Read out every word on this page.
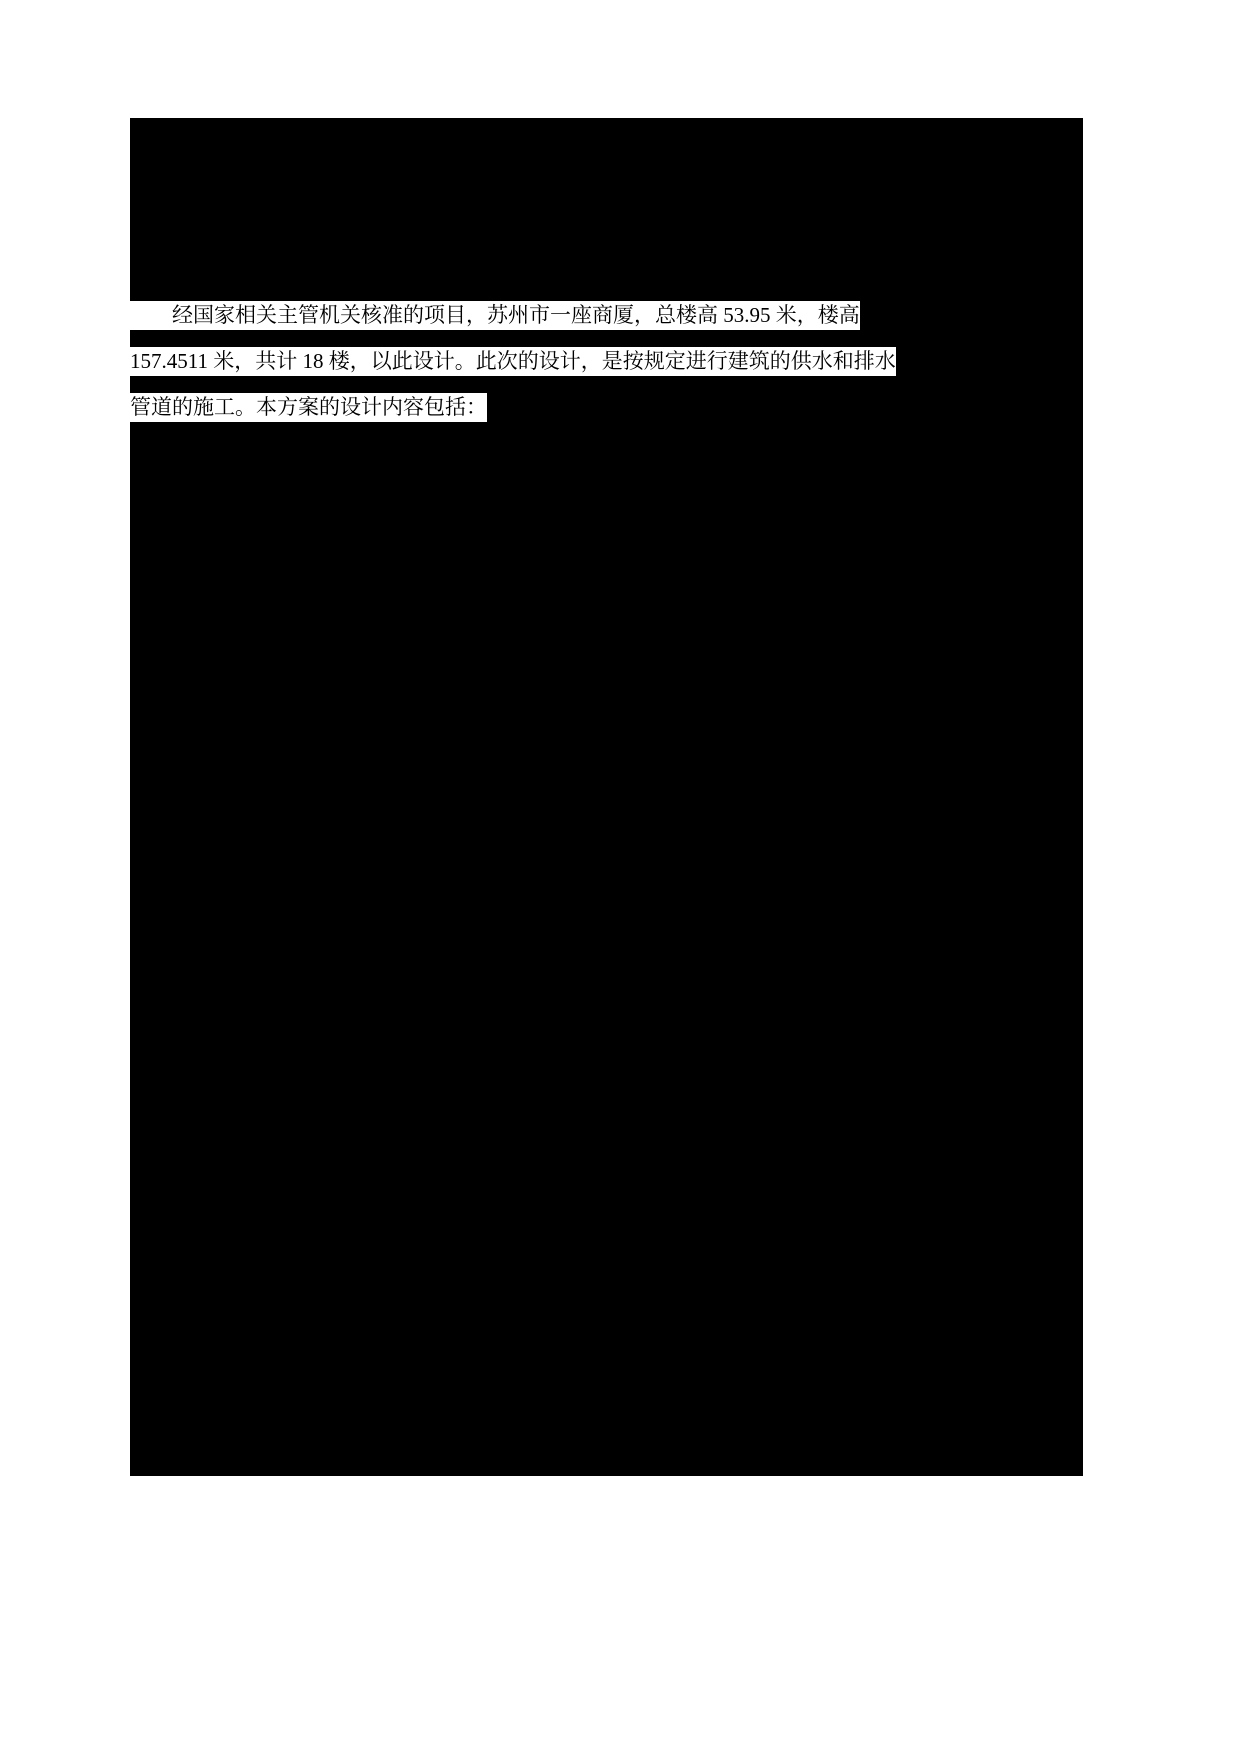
　　经国家相关主管机关核准的项目，苏州市一座商厦，总楼高 53.95 米，楼高
157.4511 米，共计 18 楼，以此设计。此次的设计，是按规定进行建筑的供水和排水
管道的施工。本方案的设计内容包括：
